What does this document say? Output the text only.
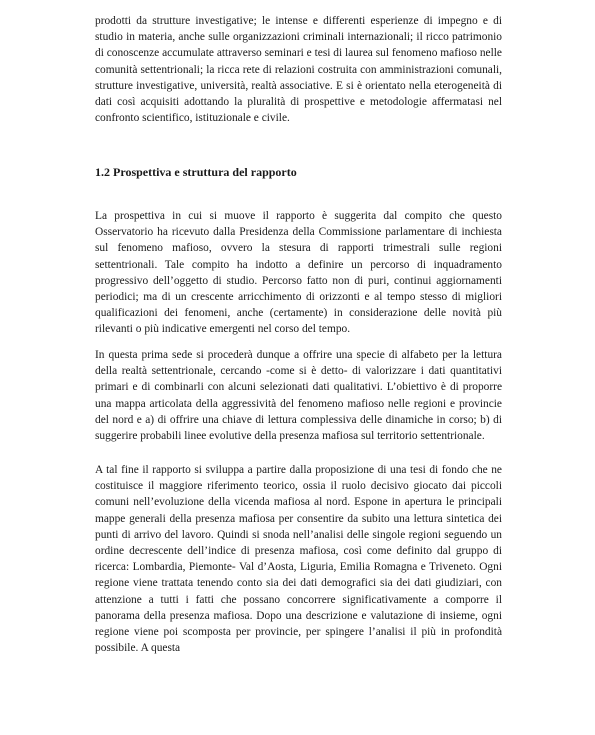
prodotti da strutture investigative; le intense e differenti esperienze di impegno e di studio in materia, anche sulle organizzazioni criminali internazionali; il ricco patrimonio di conoscenze accumulate attraverso seminari e tesi di laurea sul fenomeno mafioso nelle comunità settentrionali; la ricca rete di relazioni costruita con amministrazioni comunali, strutture investigative, università, realtà associative. E si è orientato nella eterogeneità di dati così acquisiti adottando la pluralità di prospettive e metodologie affermatasi nel confronto scientifico, istituzionale e civile.

1.2 Prospettiva e struttura del rapporto

La prospettiva in cui si muove il rapporto è suggerita dal compito che questo Osservatorio ha ricevuto dalla Presidenza della Commissione parlamentare di inchiesta sul fenomeno mafioso, ovvero la stesura di rapporti trimestrali sulle regioni settentrionali. Tale compito ha indotto a definire un percorso di inquadramento progressivo dell’oggetto di studio. Percorso fatto non di puri, continui aggiornamenti periodici; ma di un crescente arricchimento di orizzonti e al tempo stesso di migliori qualificazioni dei fenomeni, anche (certamente) in considerazione delle novità più rilevanti o più indicative emergenti nel corso del tempo.

In questa prima sede si procederà dunque a offrire una specie di alfabeto per la lettura della realtà settentrionale, cercando -come si è detto- di valorizzare i dati quantitativi primari e di combinarli con alcuni selezionati dati qualitativi. L’obiettivo è di proporre una mappa articolata della aggressività del fenomeno mafioso nelle regioni e provincie del nord e a) di offrire una chiave di lettura complessiva delle dinamiche in corso; b) di suggerire probabili linee evolutive della presenza mafiosa sul territorio settentrionale.

A tal fine il rapporto si sviluppa a partire dalla proposizione di una tesi di fondo che ne costituisce il maggiore riferimento teorico, ossia il ruolo decisivo giocato dai piccoli comuni nell’evoluzione della vicenda mafiosa al nord. Espone in apertura le principali mappe generali della presenza mafiosa per consentire da subito una lettura sintetica dei punti di arrivo del lavoro. Quindi si snoda nell’analisi delle singole regioni seguendo un ordine decrescente dell’indice di presenza mafiosa, così come definito dal gruppo di ricerca: Lombardia, Piemonte- Val d’Aosta, Liguria, Emilia Romagna e Triveneto. Ogni regione viene trattata tenendo conto sia dei dati demografici sia dei dati giudiziari, con attenzione a tutti i fatti che possano concorrere significativamente a comporre il panorama della presenza mafiosa. Dopo una descrizione e valutazione di insieme, ogni regione viene poi scomposta per provincie, per spingere l’analisi il più in profondità possibile. A questa
